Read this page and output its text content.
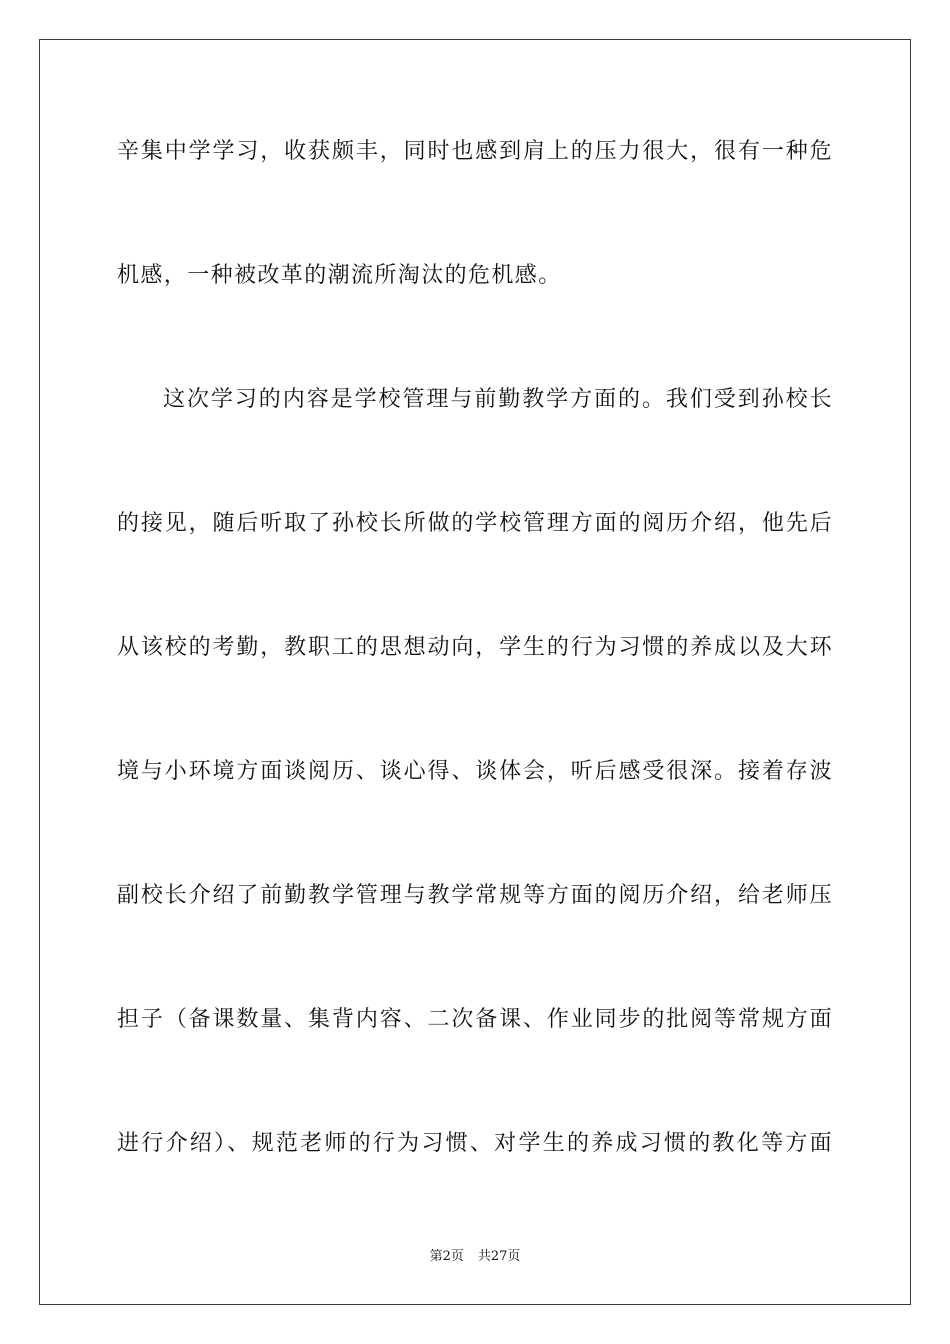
辛集中学学习，收获颇丰，同时也感到肩上的压力很大，很有一种危
机感，一种被改革的潮流所淘汰的危机感。
这次学习的内容是学校管理与前勤教学方面的。我们受到孙校长
的接见，随后听取了孙校长所做的学校管理方面的阅历介绍，他先后
从该校的考勤，教职工的思想动向，学生的行为习惯的养成以及大环
境与小环境方面谈阅历、谈心得、谈体会，听后感受很深。接着存波
副校长介绍了前勤教学管理与教学常规等方面的阅历介绍，给老师压
担子（备课数量、集背内容、二次备课、作业同步的批阅等常规方面
进行介绍）、规范老师的行为习惯、对学生的养成习惯的教化等方面
第2页 共27页
